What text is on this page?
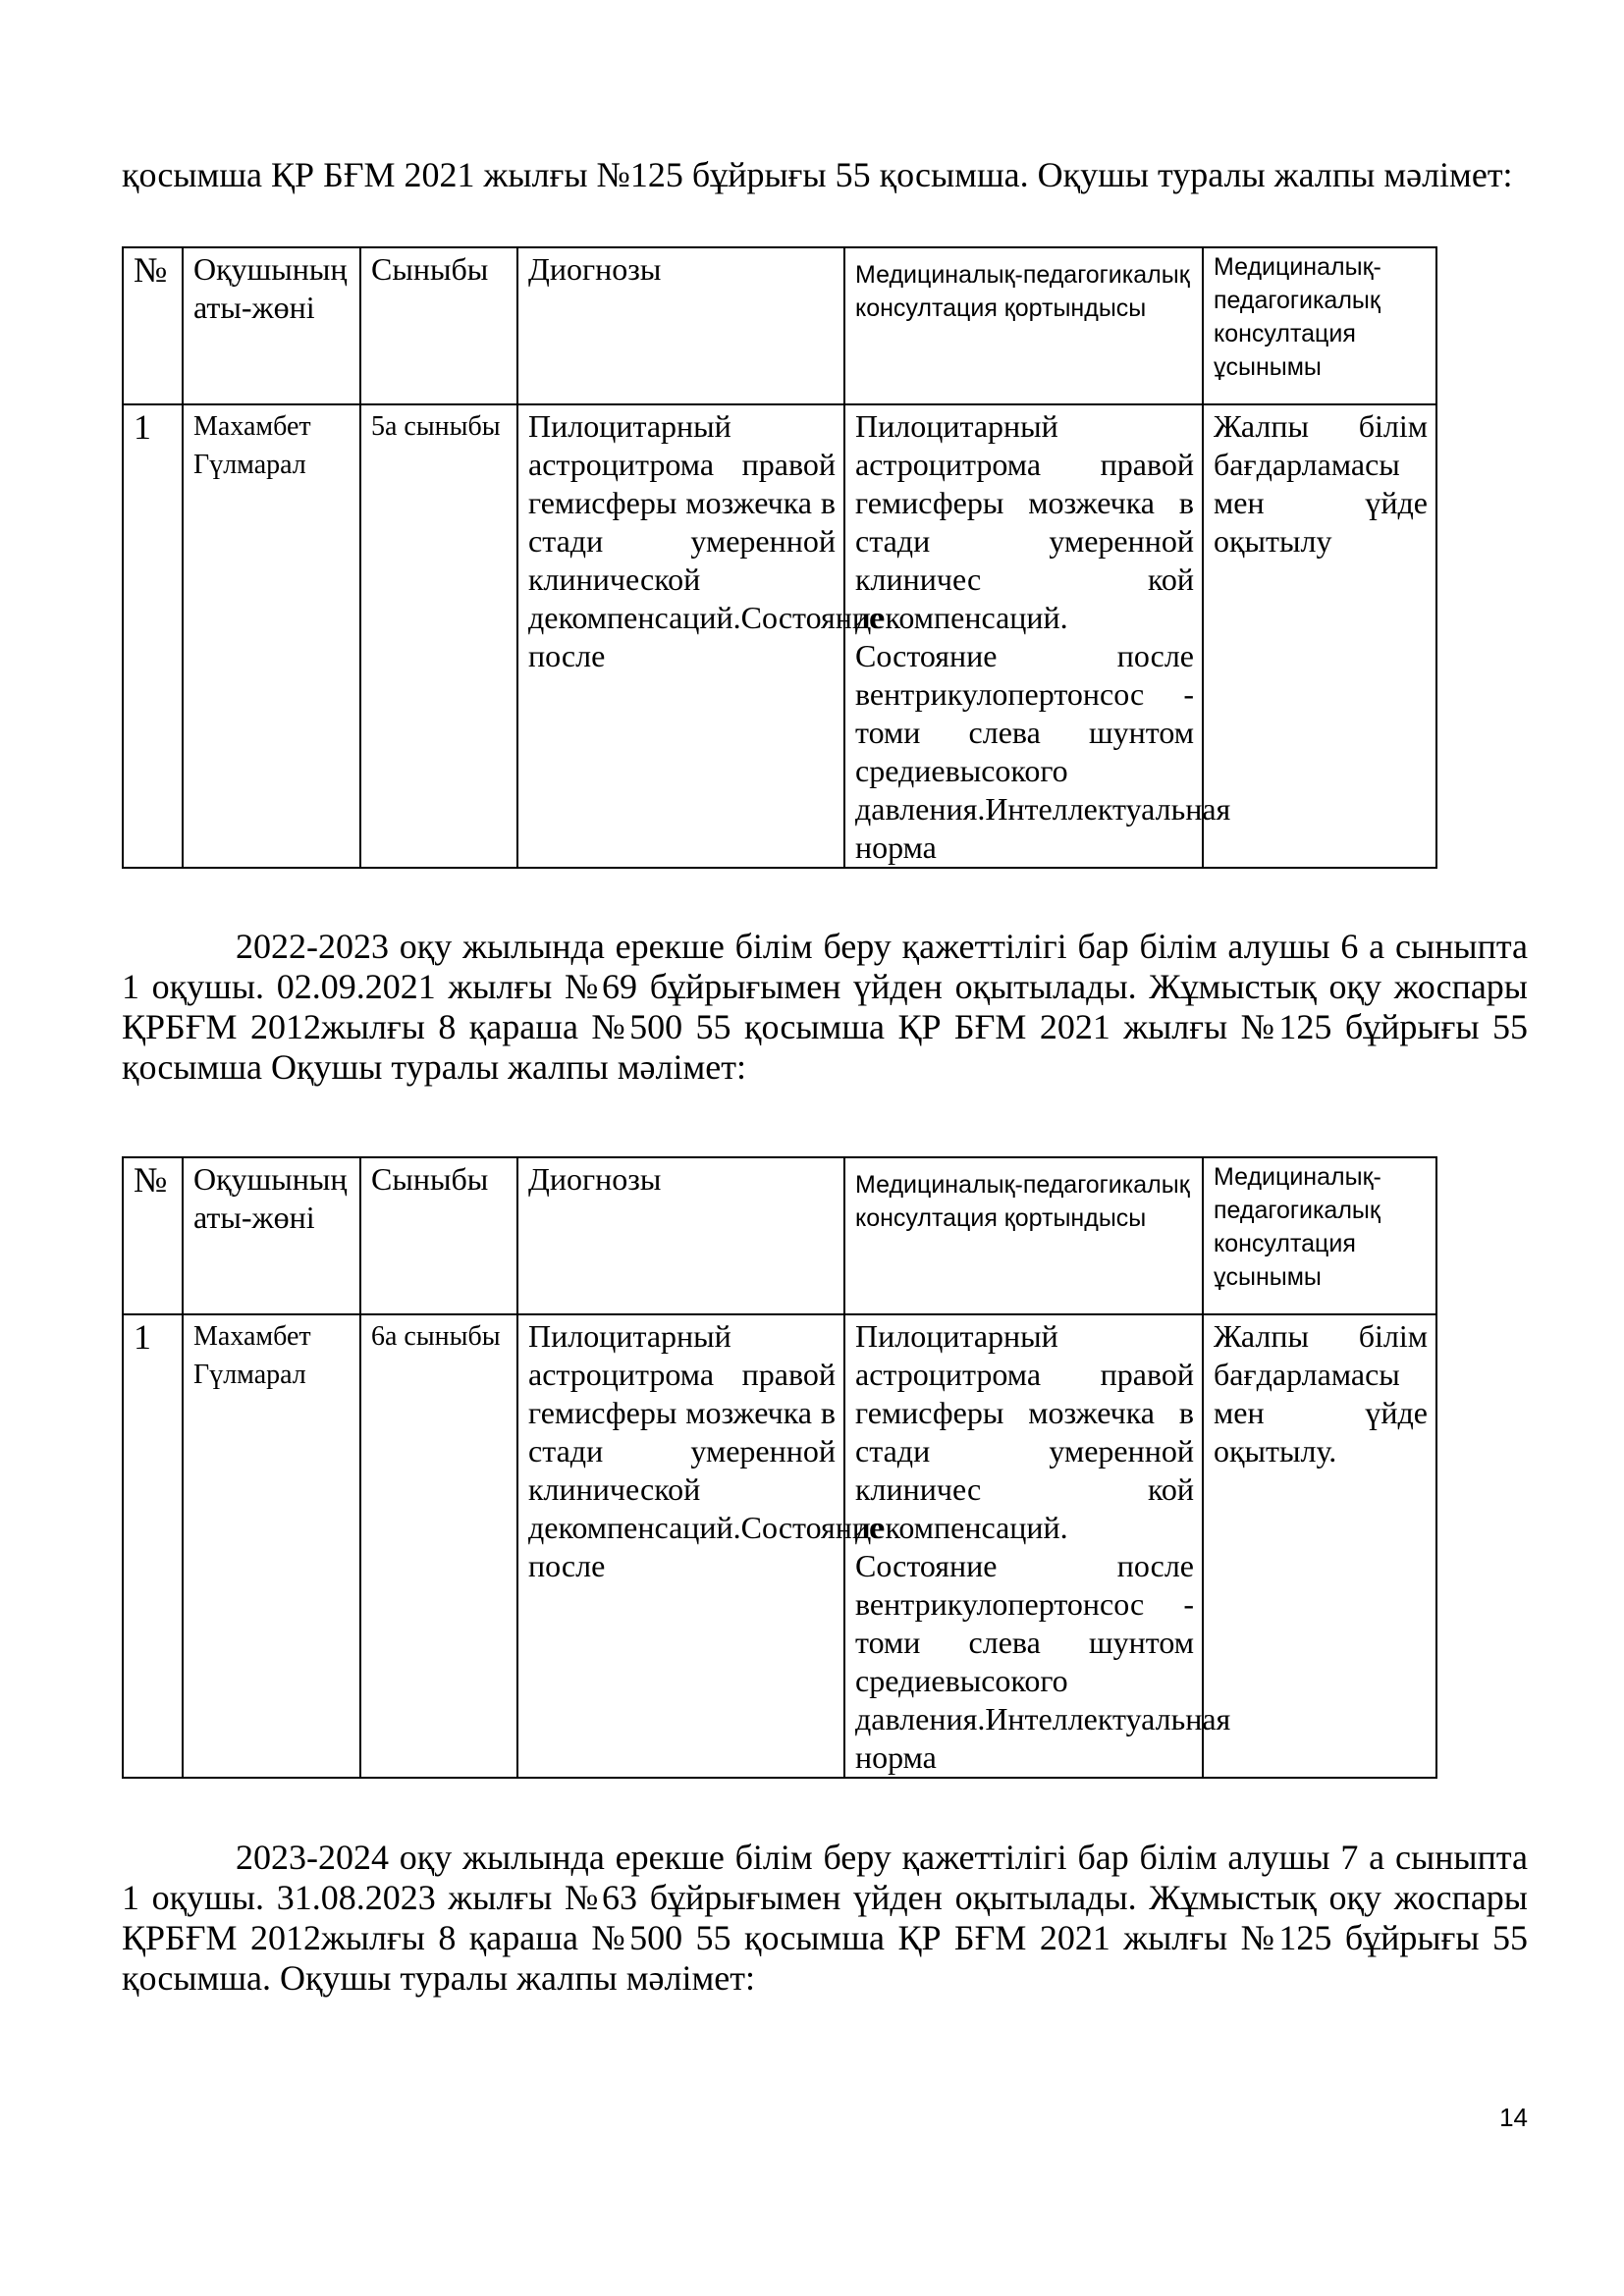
қосымша ҚР БҒМ 2021 жылғы №125 бұйрығы 55 қосымша. Оқушы туралы жалпы мәлімет:

№	Оқушының аты-жөні	Сыныбы	Диогнозы	Медициналық-педагогикалық консултация қортындысы	Медициналық-педагогикалық консултация ұсынымы
1	Махамбет Гүлмарал	5а сыныбы	Пилоцитарный астроцитрома правой гемисферы мозжечка в стади умеренной клинической декомпенсаций.Состояние после	Пилоцитарный астроцитрома правой гемисферы мозжечка в стади умеренной клиничес кой декомпенсаций. Состояние после вентрикулопертонсос - томи слева шунтом средиевысокого давления.Интеллектуальная норма	Жалпы білім бағдарламасы мен үйде оқытылу

2022-2023 оқу жылында ерекше білім беру қажеттілігі бар білім алушы 6 а сыныпта 1 оқушы. 02.09.2021 жылғы №69 бұйрығымен үйден оқытылады. Жұмыстық оқу жоспары ҚРБҒМ 2012жылғы 8 қараша №500 55 қосымша ҚР БҒМ 2021 жылғы №125 бұйрығы 55 қосымша Оқушы туралы жалпы мәлімет:

№	Оқушының аты-жөні	Сыныбы	Диогнозы	Медициналық-педагогикалық консултация қортындысы	Медициналық-педагогикалық консултация ұсынымы
1	Махамбет Гүлмарал	6а сыныбы	Пилоцитарный астроцитрома правой гемисферы мозжечка в стади умеренной клинической декомпенсаций.Состояние после	Пилоцитарный астроцитрома правой гемисферы мозжечка в стади умеренной клиничес кой декомпенсаций. Состояние после вентрикулопертонсос - томи слева шунтом средиевысокого давления.Интеллектуальная норма	Жалпы білім бағдарламасы мен үйде оқытылу.

2023-2024 оқу жылында ерекше білім беру қажеттілігі бар білім алушы 7 а сыныпта 1 оқушы. 31.08.2023 жылғы №63 бұйрығымен үйден оқытылады. Жұмыстық оқу жоспары ҚРБҒМ 2012жылғы 8 қараша №500 55 қосымша ҚР БҒМ 2021 жылғы №125 бұйрығы 55 қосымша. Оқушы туралы жалпы мәлімет:

14
